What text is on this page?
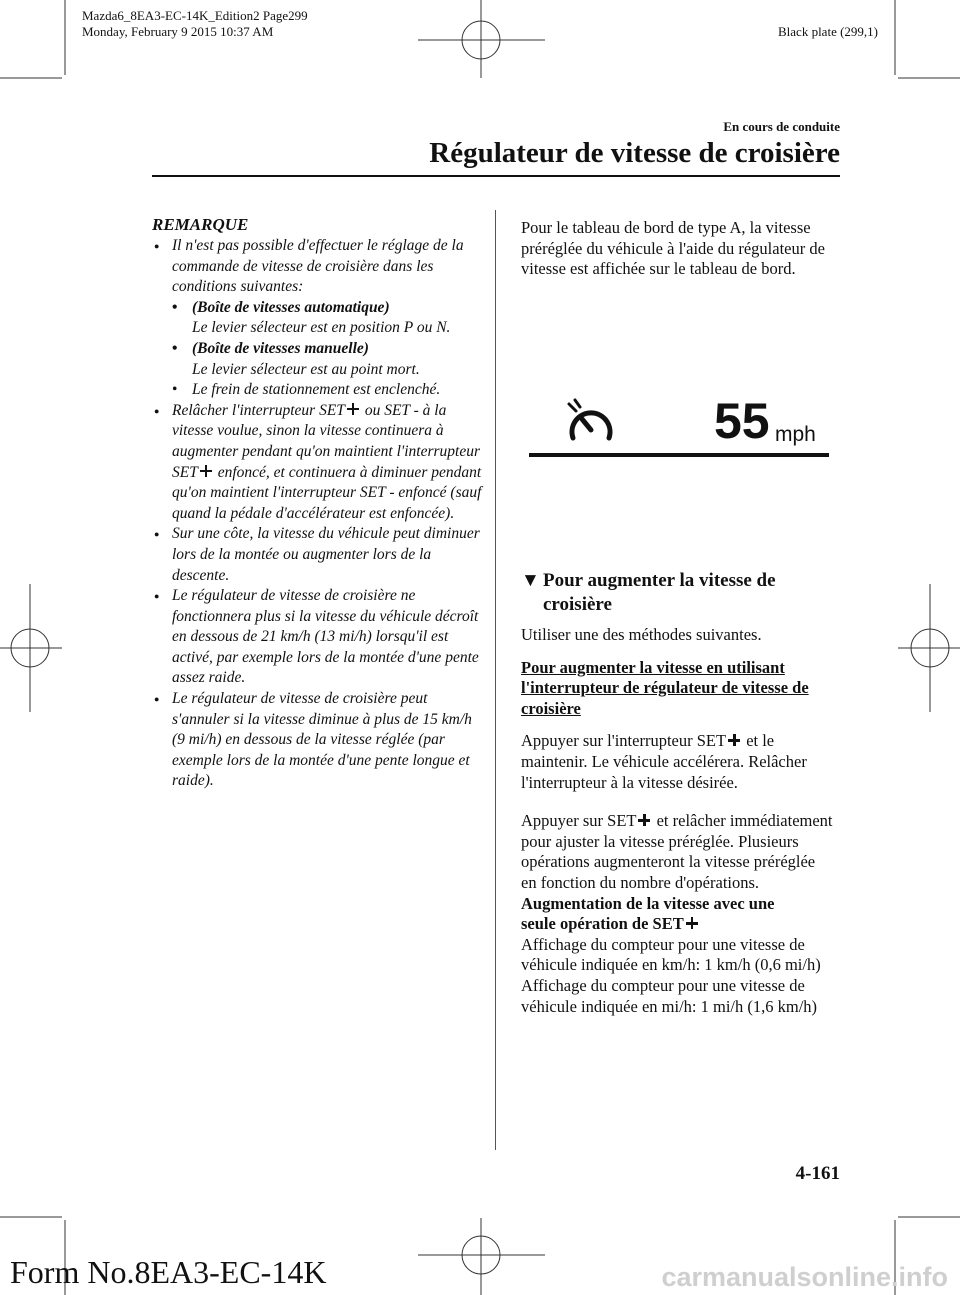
Mazda6_8EA3-EC-14K_Edition2 Page299
Monday, February 9 2015 10:37 AM	Black plate (299,1)
En cours de conduite
Régulateur de vitesse de croisière
REMARQUE

● Il n'est pas possible d'effectuer le réglage de la commande de vitesse de croisière dans les conditions suivantes:

• (Boîte de vitesses automatique)

Le levier sélecteur est en position P ou N.

• (Boîte de vitesses manuelle)

Le levier sélecteur est au point mort.

• Le frein de stationnement est enclenché.

● Relâcher l'interrupteur SET ou SET - à la vitesse voulue, sinon la vitesse continuera à augmenter pendant qu'on maintient l'interrupteur SET enfoncé, et continuera à diminuer pendant qu'on maintient l'interrupteur SET - enfoncé (sauf quand la pédale d'accélérateur est enfoncée).

● Sur une côte, la vitesse du véhicule peut diminuer lors de la montée ou augmenter lors de la descente.

● Le régulateur de vitesse de croisière ne fonctionnera plus si la vitesse du véhicule décroît en dessous de 21 km/h (13 mi/h) lorsqu'il est activé, par exemple lors de la montée d'une pente assez raide.

● Le régulateur de vitesse de croisière peut s'annuler si la vitesse diminue à plus de 15 km/h (9 mi/h) en dessous de la vitesse réglée (par exemple lors de la montée d'une pente longue et raide).

Pour le tableau de bord de type A, la vitesse préréglée du véhicule à l'aide du régulateur de vitesse est affichée sur le tableau de bord.

55 mph
▼ Pour augmenter la vitesse de croisière

Utiliser une des méthodes suivantes.

Pour augmenter la vitesse en utilisant l'interrupteur de régulateur de vitesse de croisière

Appuyer sur l'interrupteur SET et le maintenir. Le véhicule accélérera. Relâcher l'interrupteur à la vitesse désirée.

Appuyer sur SET et relâcher immédiatement pour ajuster la vitesse préréglée. Plusieurs opérations augmenteront la vitesse préréglée en fonction du nombre d'opérations.

Augmentation de la vitesse avec une

seule opération de SET

Affichage du compteur pour une vitesse de véhicule indiquée en km/h: 1 km/h (0,6 mi/h)

Affichage du compteur pour une vitesse de véhicule indiquée en mi/h: 1 mi/h (1,6 km/h)

4-161
Form No.8EA3-EC-14K	carmanualsonline.info
